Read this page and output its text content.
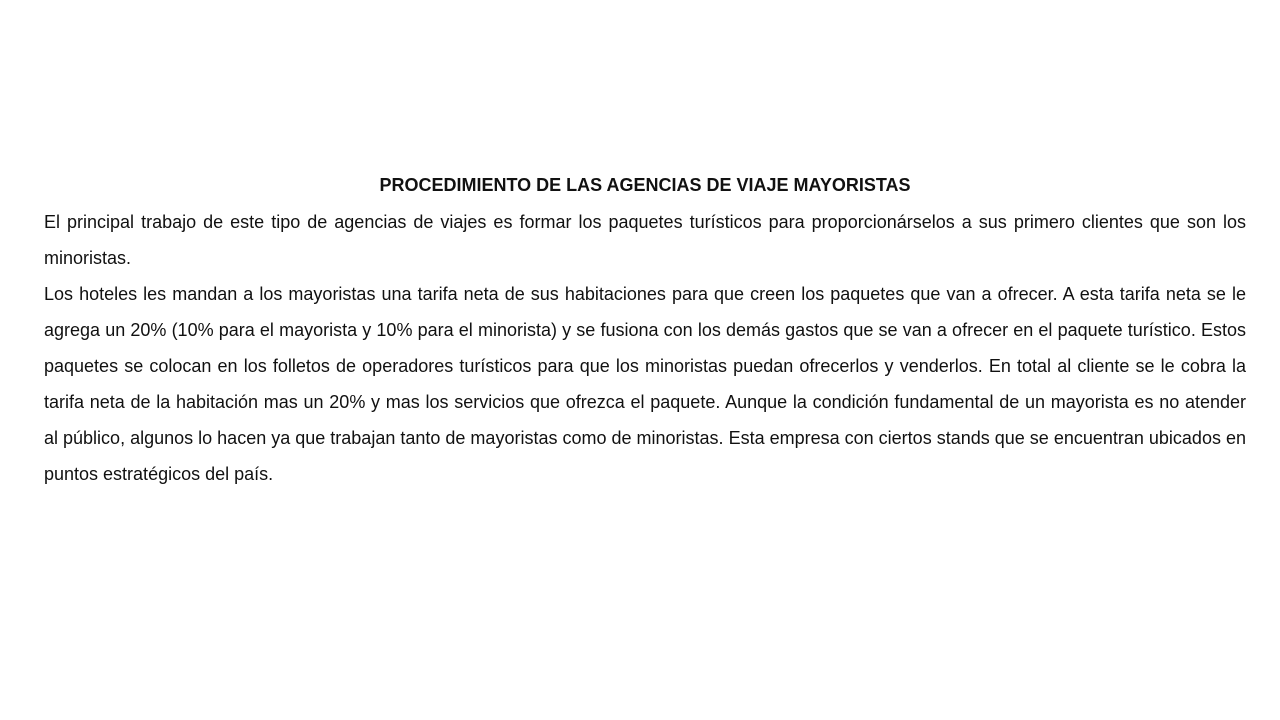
PROCEDIMIENTO DE LAS AGENCIAS DE VIAJE MAYORISTAS

El principal trabajo de este tipo de agencias de viajes es formar los paquetes turísticos para proporcionárselos a sus primero clientes que son los minoristas.

Los hoteles les mandan a los mayoristas una tarifa neta de sus habitaciones para que creen los paquetes que van a ofrecer. A esta tarifa neta se le agrega un 20% (10% para el mayorista y 10% para el minorista) y se fusiona con los demás gastos que se van a ofrecer en el paquete turístico. Estos paquetes se colocan en los folletos de operadores turísticos para que los minoristas puedan ofrecerlos y venderlos. En total al cliente se le cobra la tarifa neta de la habitación mas un 20% y mas los servicios que ofrezca el paquete. Aunque la condición fundamental de un mayorista es no atender al público, algunos lo hacen ya que trabajan tanto de mayoristas como de minoristas. Esta empresa con ciertos stands que se encuentran ubicados en puntos estratégicos del país.
